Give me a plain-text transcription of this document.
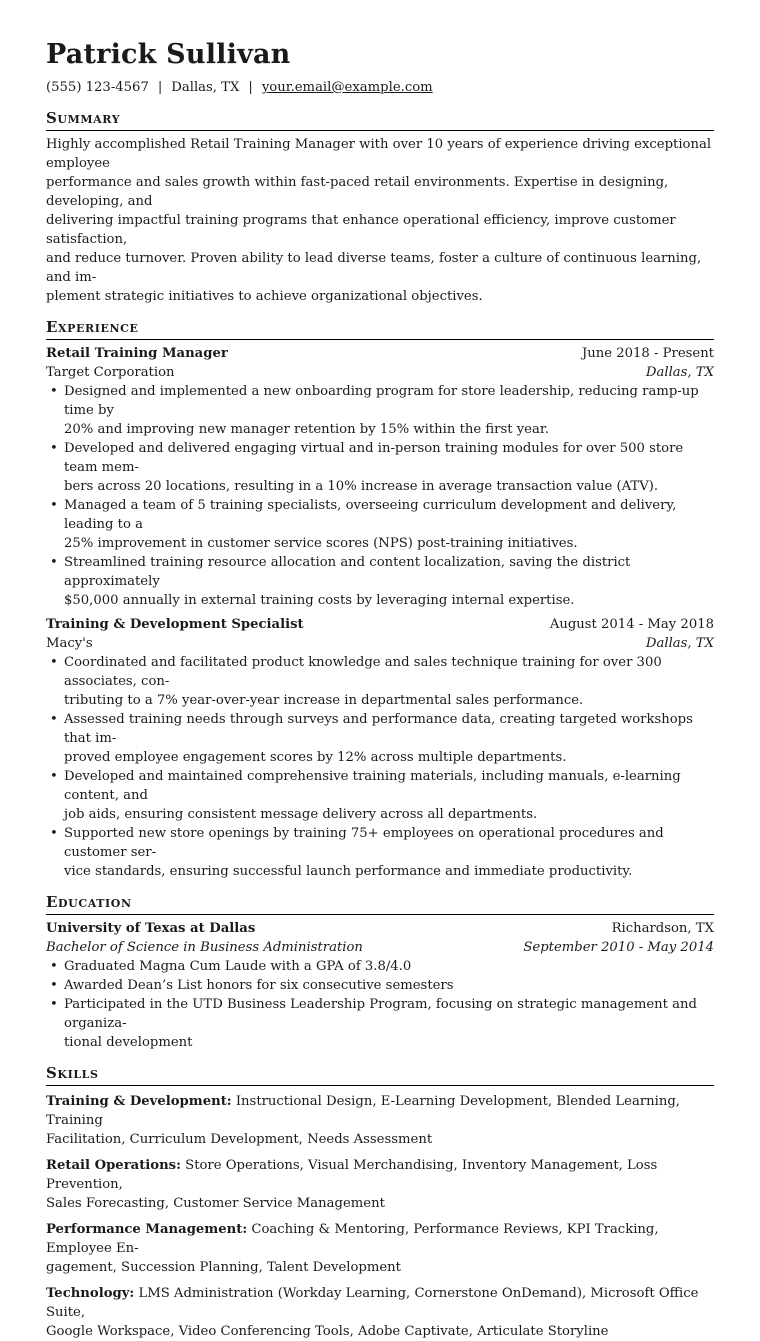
Patrick Sullivan
(555) 123-4567 | Dallas, TX | your.email@example.com
Summary
Highly accomplished Retail Training Manager with over 10 years of experience driving exceptional employee
performance and sales growth within fast-paced retail environments. Expertise in designing, developing, and
delivering impactful training programs that enhance operational efficiency, improve customer satisfaction,
and reduce turnover. Proven ability to lead diverse teams, foster a culture of continuous learning, and im-
plement strategic initiatives to achieve organizational objectives.
Experience
Retail Training Manager	June 2018 - Present
Target Corporation	Dallas, TX
• Designed and implemented a new onboarding program for store leadership, reducing ramp-up time by
20% and improving new manager retention by 15% within the first year.
• Developed and delivered engaging virtual and in-person training modules for over 500 store team mem-
bers across 20 locations, resulting in a 10% increase in average transaction value (ATV).
• Managed a team of 5 training specialists, overseeing curriculum development and delivery, leading to a
25% improvement in customer service scores (NPS) post-training initiatives.
• Streamlined training resource allocation and content localization, saving the district approximately
$50,000 annually in external training costs by leveraging internal expertise.
Training & Development Specialist	August 2014 - May 2018
Macy's	Dallas, TX
• Coordinated and facilitated product knowledge and sales technique training for over 300 associates, con-
tributing to a 7% year-over-year increase in departmental sales performance.
• Assessed training needs through surveys and performance data, creating targeted workshops that im-
proved employee engagement scores by 12% across multiple departments.
• Developed and maintained comprehensive training materials, including manuals, e-learning content, and
job aids, ensuring consistent message delivery across all departments.
• Supported new store openings by training 75+ employees on operational procedures and customer ser-
vice standards, ensuring successful launch performance and immediate productivity.
Education
University of Texas at Dallas	Richardson, TX
Bachelor of Science in Business Administration	September 2010 - May 2014
• Graduated Magna Cum Laude with a GPA of 3.8/4.0
• Awarded Dean’s List honors for six consecutive semesters
• Participated in the UTD Business Leadership Program, focusing on strategic management and organiza-
tional development
Skills
Training & Development: Instructional Design, E-Learning Development, Blended Learning, Training
Facilitation, Curriculum Development, Needs Assessment
Retail Operations: Store Operations, Visual Merchandising, Inventory Management, Loss Prevention,
Sales Forecasting, Customer Service Management
Performance Management: Coaching & Mentoring, Performance Reviews, KPI Tracking, Employee En-
gagement, Succession Planning, Talent Development
Technology: LMS Administration (Workday Learning, Cornerstone OnDemand), Microsoft Office Suite,
Google Workspace, Video Conferencing Tools, Adobe Captivate, Articulate Storyline
